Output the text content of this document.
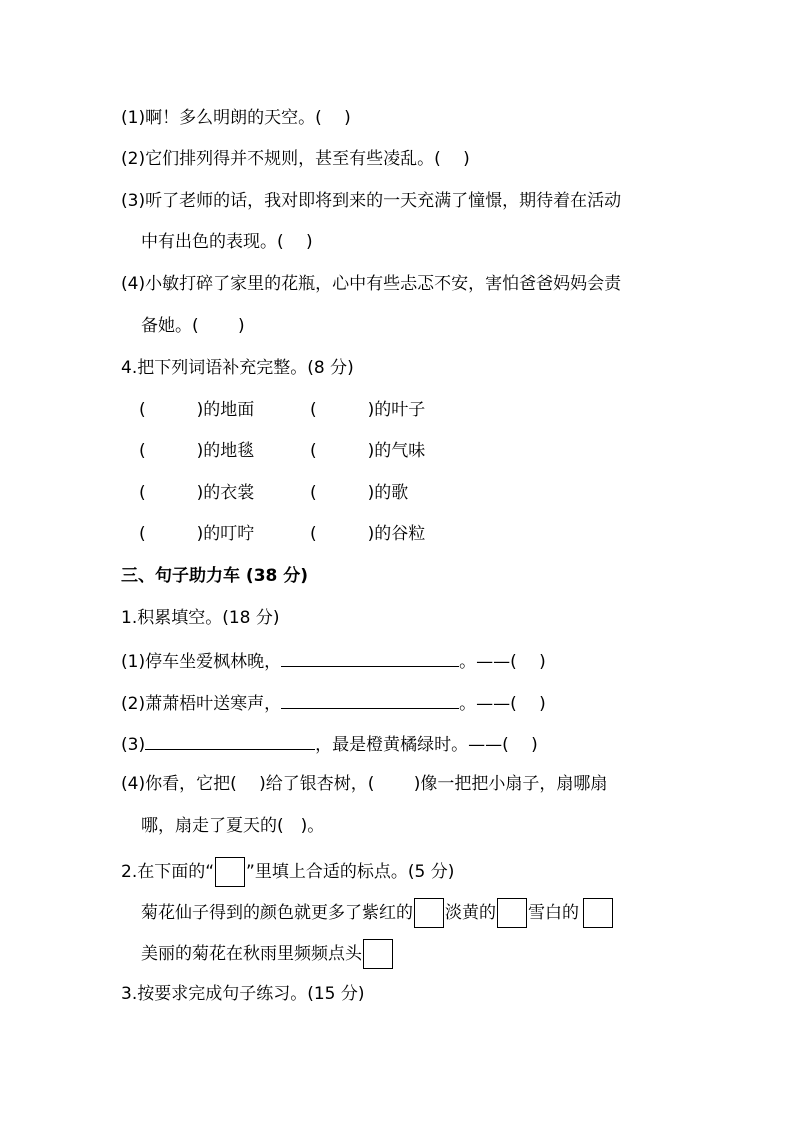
(1)啊！多么明朗的天空。(　 )
(2)它们排列得并不规则，甚至有些凌乱。(　 )
(3)听了老师的话，我对即将到来的一天充满了憧憬，期待着在活动
中有出色的表现。(　 )
(4)小敏打碎了家里的花瓶，心中有些忐忑不安，害怕爸爸妈妈会责
备她。(　　 )
4.把下列词语补充完整。(8 分)
(　　　)的地面	(　　　)的叶子
(　　　)的地毯	(　　　)的气味
(　　　)的衣裳	(　　　)的歌
(　　　)的叮咛	(　　　)的谷粒
三、句子助力车 (38 分)
1.积累填空。(18 分)
(1)停车坐爱枫林晚，	。——(　 )
(2)萧萧梧叶送寒声，	。——(　 )
(3)	，最是橙黄橘绿时。——(　 )
(4)你看，它把(　 )给了银杏树，(　　 )像一把把小扇子，扇哪扇
哪，扇走了夏天的(　)。
2.在下面的“ ”里填上合适的标点。(5 分)
菊花仙子得到的颜色就更多了紫红的 淡黄的 雪白的
美丽的菊花在秋雨里频频点头
3.按要求完成句子练习。(15 分)
